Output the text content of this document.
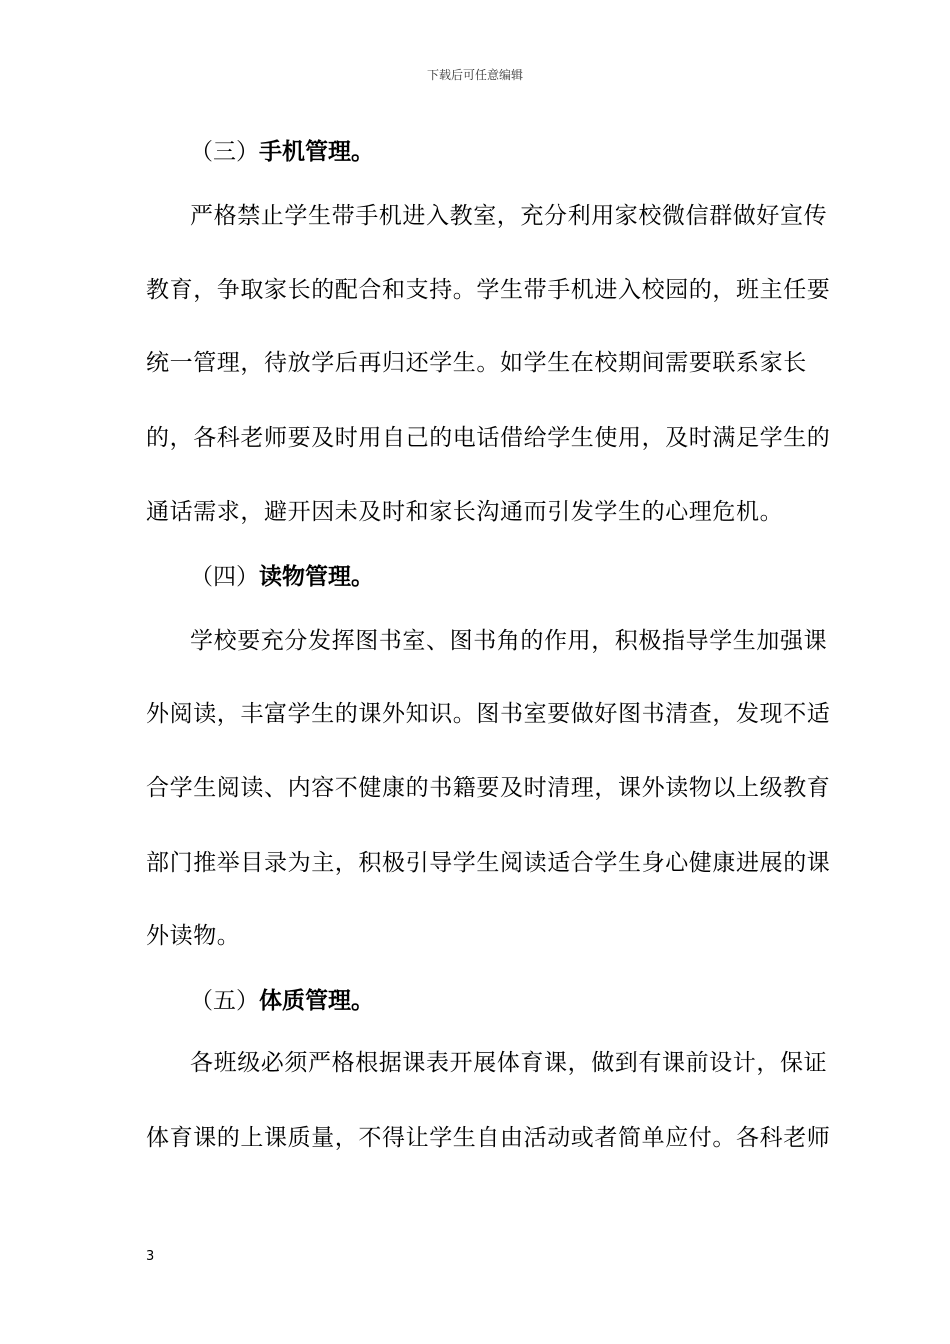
下载后可任意编辑
（三）手机管理。
严格禁止学生带手机进入教室，充分利用家校微信群做好宣传
教育，争取家长的配合和支持。学生带手机进入校园的，班主任要
统一管理，待放学后再归还学生。如学生在校期间需要联系家长
的，各科老师要及时用自己的电话借给学生使用，及时满足学生的
通话需求，避开因未及时和家长沟通而引发学生的心理危机。
（四）读物管理。
学校要充分发挥图书室、图书角的作用，积极指导学生加强课
外阅读，丰富学生的课外知识。图书室要做好图书清查，发现不适
合学生阅读、内容不健康的书籍要及时清理，课外读物以上级教育
部门推举目录为主，积极引导学生阅读适合学生身心健康进展的课
外读物。
（五）体质管理。
各班级必须严格根据课表开展体育课，做到有课前设计，保证
体育课的上课质量，不得让学生自由活动或者简单应付。各科老师
3
